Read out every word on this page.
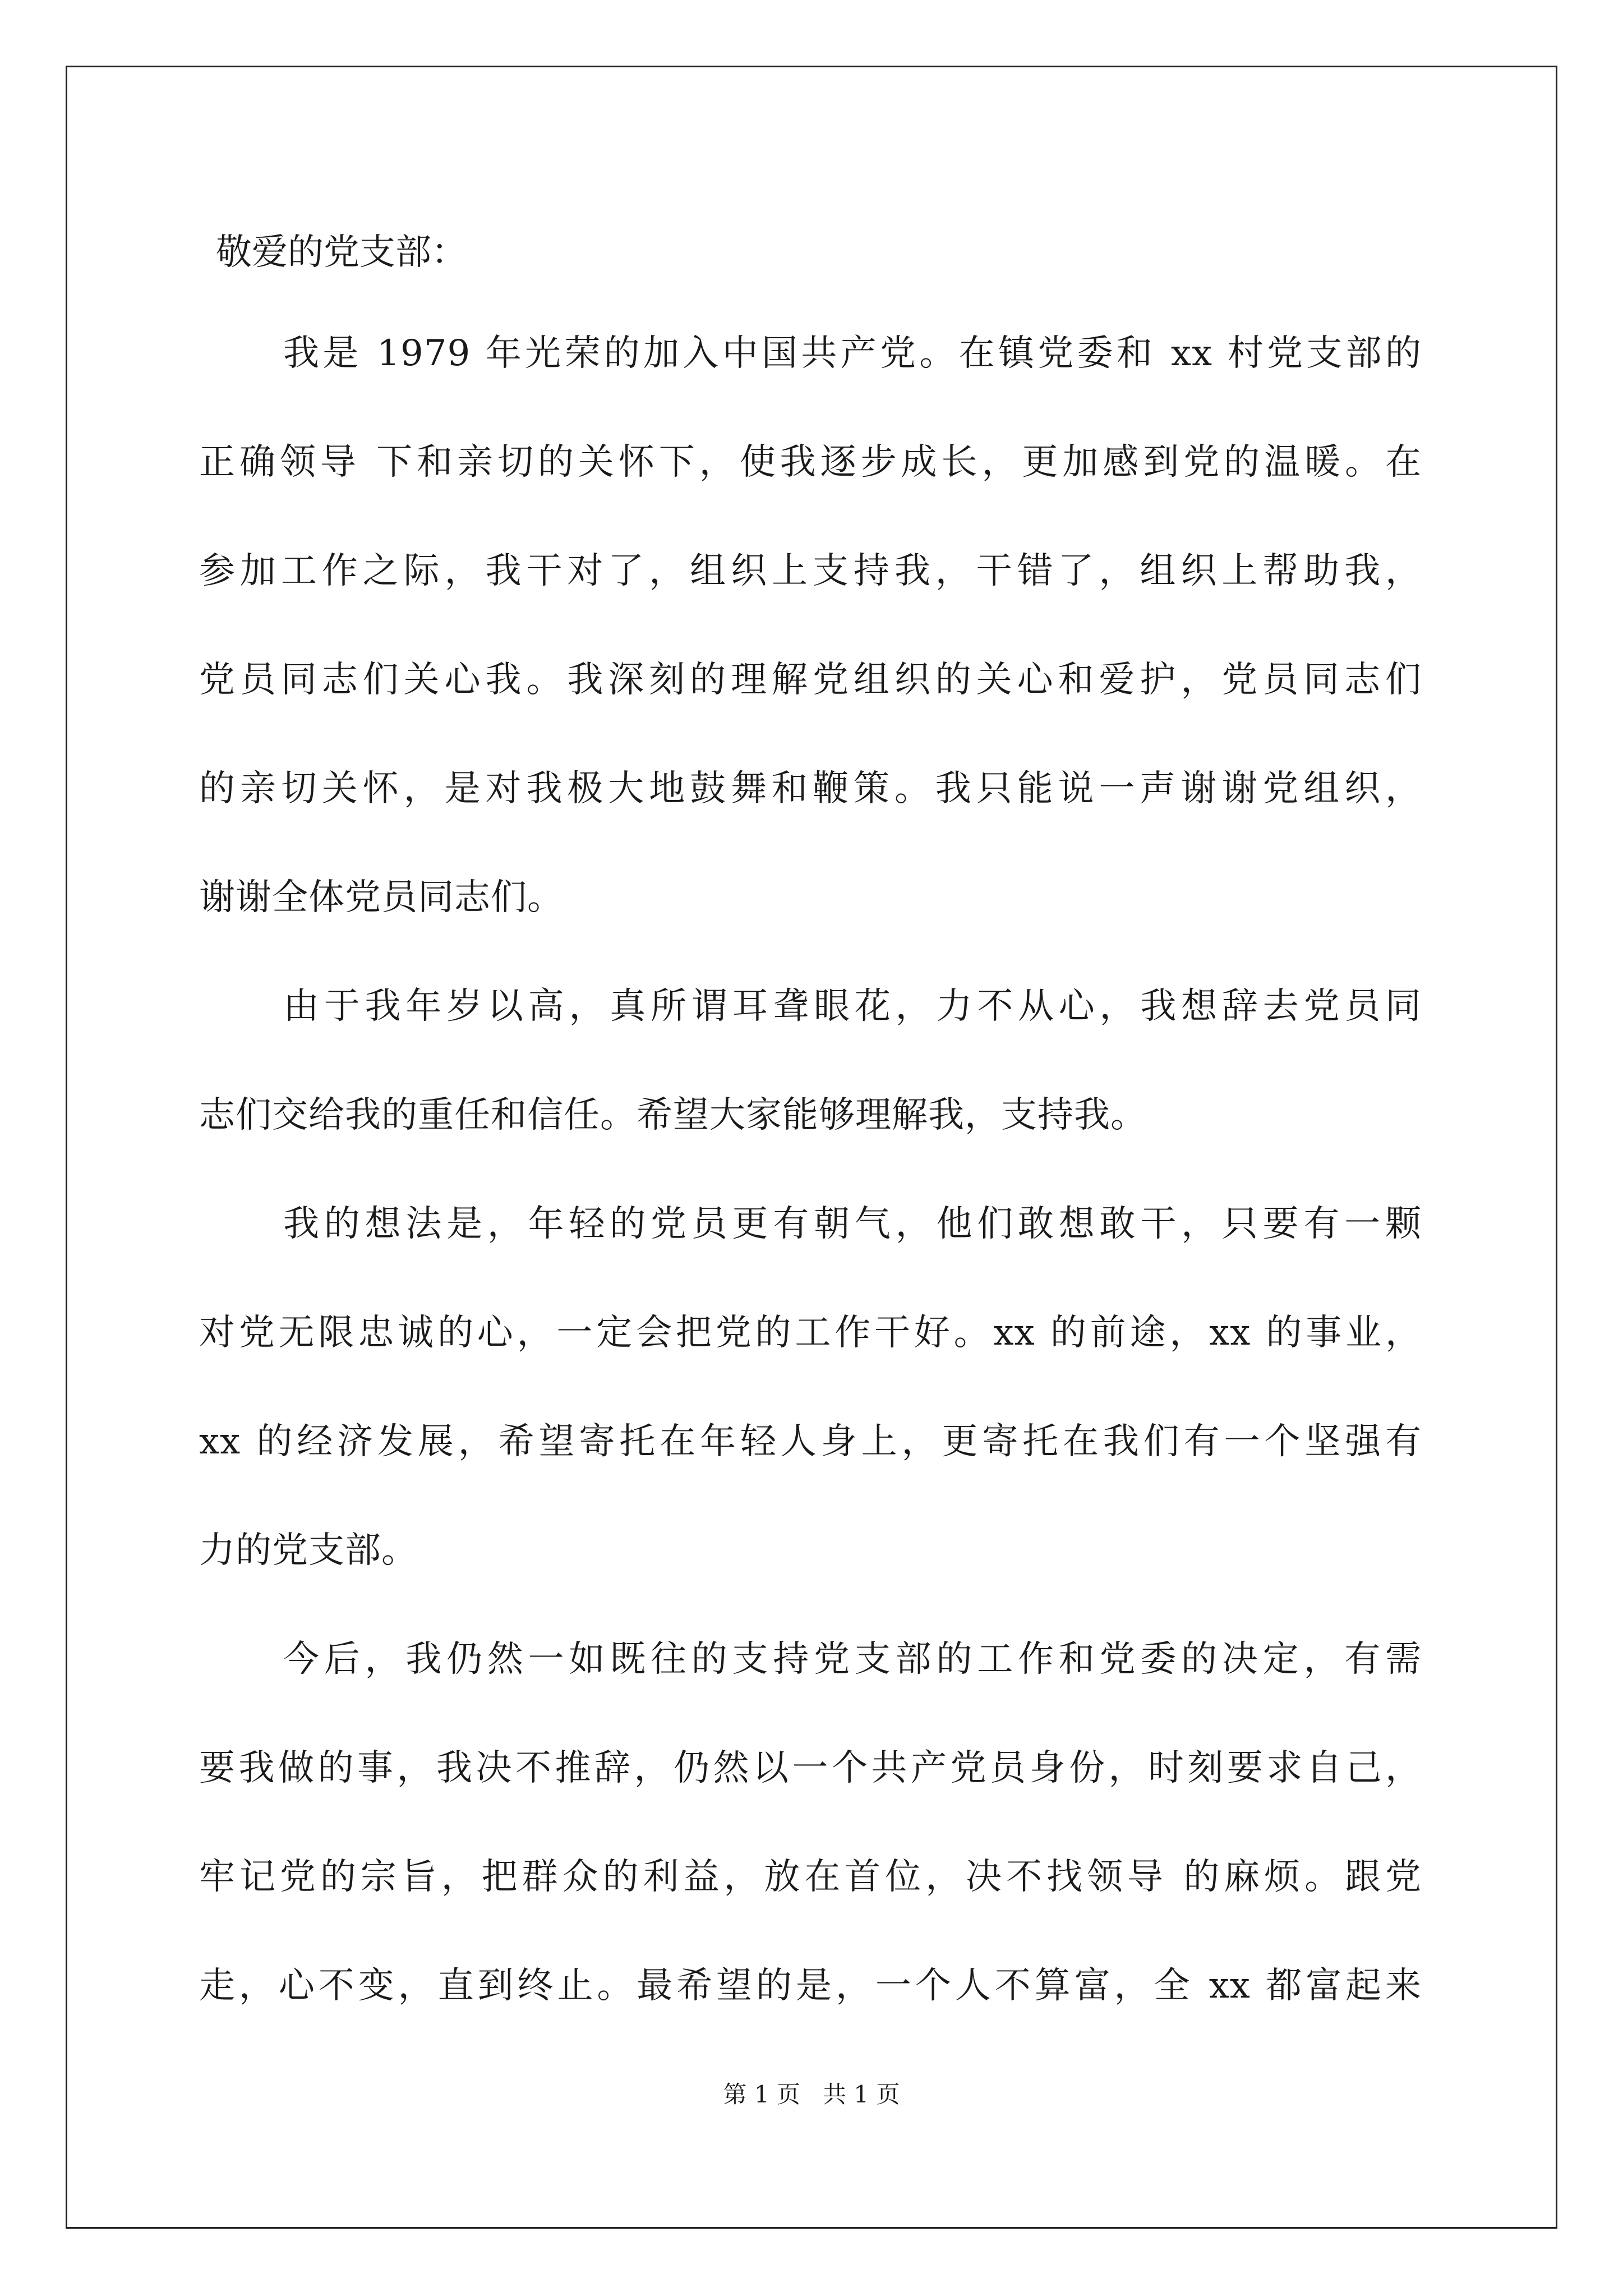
敬爱的党支部：

我是 1979 年光荣的加入中国共产党。在镇党委和 xx 村党支部的

正确领导 下和亲切的关怀下，使我逐步成长，更加感到党的温暖。在

参加工作之际，我干对了，组织上支持我，干错了，组织上帮助我，

党员同志们关心我。我深刻的理解党组织的关心和爱护，党员同志们

的亲切关怀，是对我极大地鼓舞和鞭策。我只能说一声谢谢党组织，

谢谢全体党员同志们。

由于我年岁以高，真所谓耳聋眼花，力不从心，我想辞去党员同

志们交给我的重任和信任。希望大家能够理解我，支持我。

我的想法是，年轻的党员更有朝气，他们敢想敢干，只要有一颗

对党无限忠诚的心，一定会把党的工作干好。xx 的前途，xx 的事业，

xx 的经济发展，希望寄托在年轻人身上，更寄托在我们有一个坚强有

力的党支部。

今后，我仍然一如既往的支持党支部的工作和党委的决定，有需

要我做的事，我决不推辞，仍然以一个共产党员身份，时刻要求自己，

牢记党的宗旨，把群众的利益，放在首位，决不找领导 的麻烦。跟党

走，心不变，直到终止。最希望的是，一个人不算富，全 xx 都富起来

第 1 页   共 1 页
